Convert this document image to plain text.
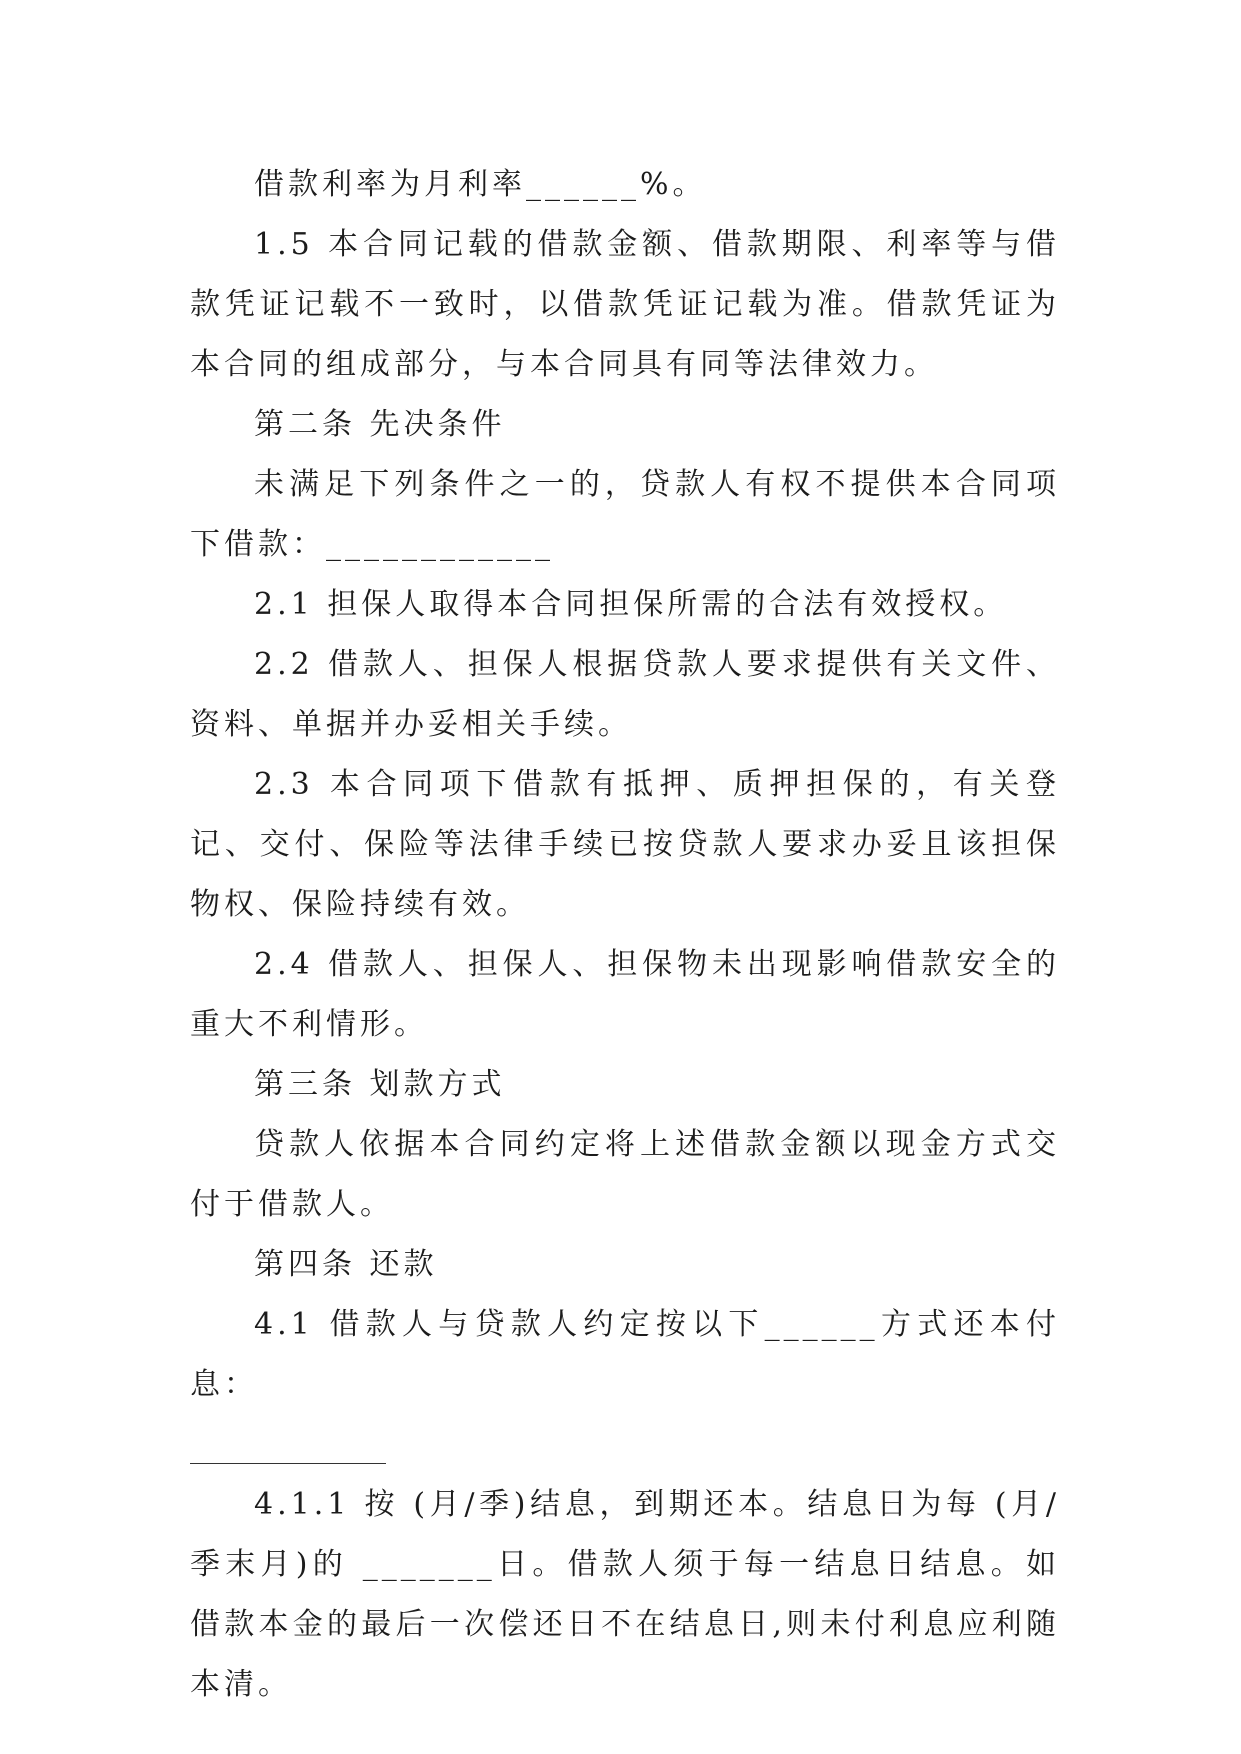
借款利率为月利率______%。

1.5 本合同记载的借款金额、借款期限、利率等与借款凭证记载不一致时，以借款凭证记载为准。借款凭证为本合同的组成部分，与本合同具有同等法律效力。

第二条 先决条件

未满足下列条件之一的，贷款人有权不提供本合同项下借款：____________

2.1 担保人取得本合同担保所需的合法有效授权。

2.2 借款人、担保人根据贷款人要求提供有关文件、资料、单据并办妥相关手续。

2.3 本合同项下借款有抵押、质押担保的，有关登记、交付、保险等法律手续已按贷款人要求办妥且该担保物权、保险持续有效。

2.4 借款人、担保人、担保物未出现影响借款安全的重大不利情形。

第三条 划款方式

贷款人依据本合同约定将上述借款金额以现金方式交付于借款人。

第四条 还款

4.1 借款人与贷款人约定按以下______方式还本付息：

4.1.1 按 (月/季)结息，到期还本。结息日为每 (月/季末月)的 _______日。借款人须于每一结息日结息。如借款本金的最后一次偿还日不在结息日,则未付利息应利随本清。
